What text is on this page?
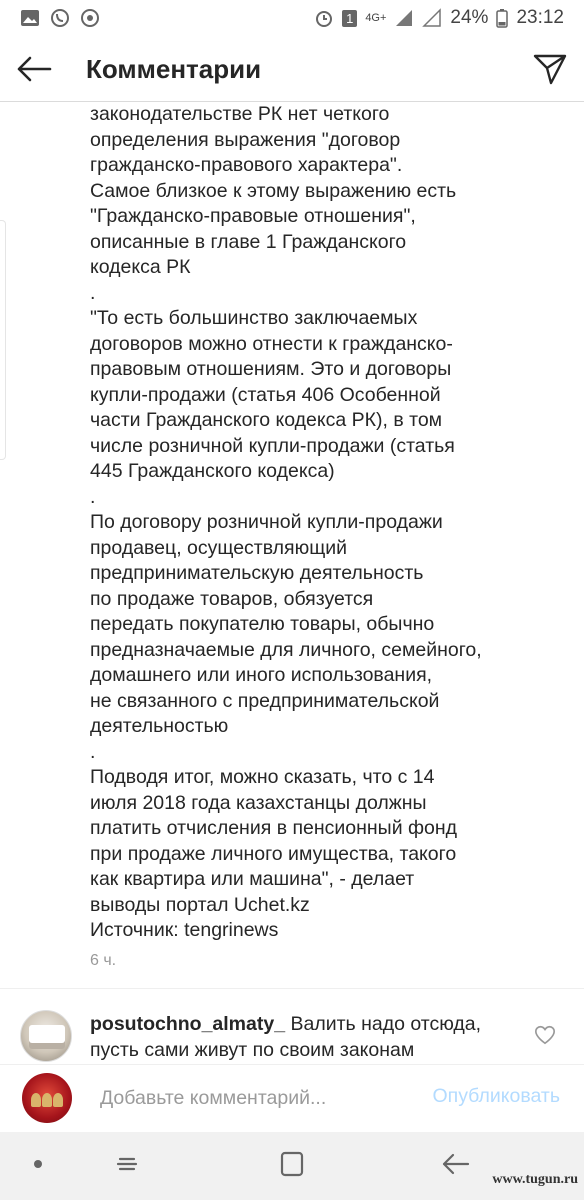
1	4G+	24% 23:12
Комментарии
законодательстве РК нет четкого
определения выражения "договор
гражданско-правового характера".
Самое близкое к этому выражению есть
"Гражданско-правовые отношения",
описанные в главе 1 Гражданского
кодекса РК
.
"То есть большинство заключаемых
договоров можно отнести к гражданско-
правовым отношениям. Это и договоры
купли-продажи (статья 406 Особенной
части Гражданского кодекса РК), в том
числе розничной купли-продажи (статья
445 Гражданского кодекса)
.
По договору розничной купли-продажи
продавец, осуществляющий
предпринимательскую деятельность
по продаже товаров, обязуется
передать покупателю товары, обычно
предназначаемые для личного, семейного,
домашнего или иного использования,
не связанного с предпринимательской
деятельностью
.
Подводя итог, можно сказать, что с 14
июля 2018 года казахстанцы должны
платить отчисления в пенсионный фонд
при продаже личного имущества, такого
как квартира или машина", - делает
выводы портал Uchet.kz
Источник: tengrinews
6 ч.
posutochno_almaty_ Валить надо отсюда, пусть сами живут по своим законам
Добавьте комментарий...
Опубликовать
www.tugun.ru
